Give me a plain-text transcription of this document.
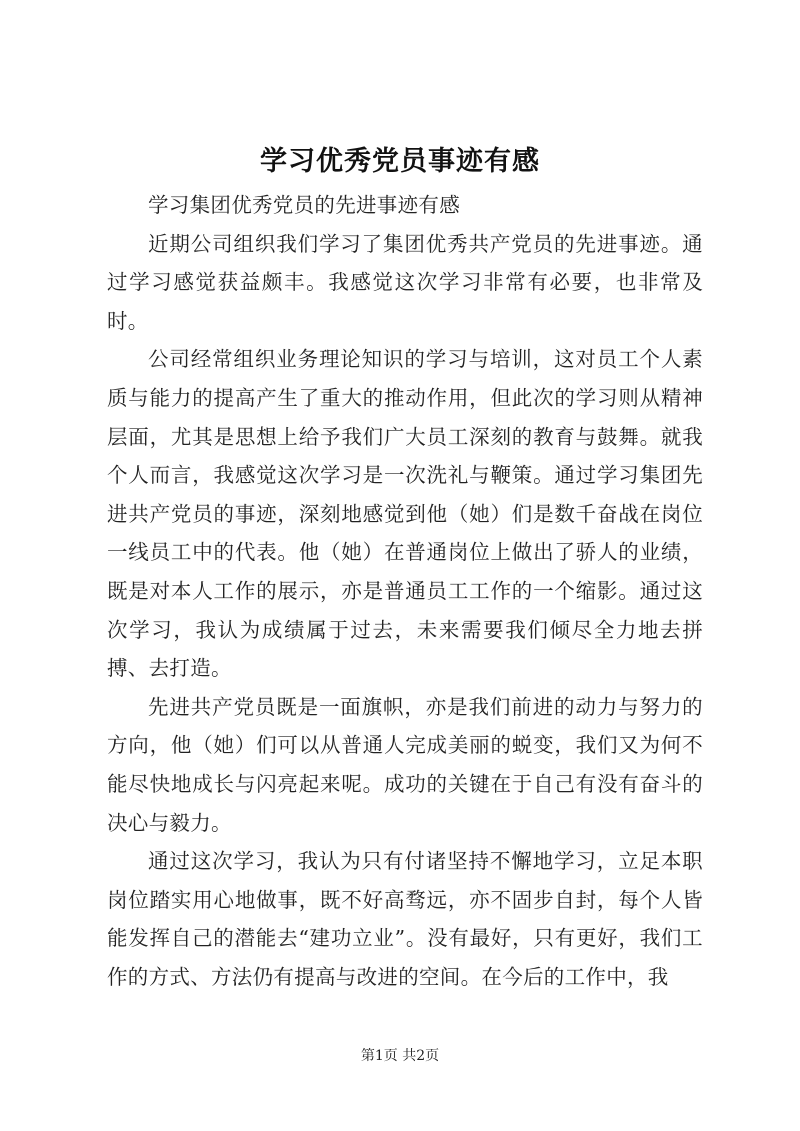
学习优秀党员事迹有感

学习集团优秀党员的先进事迹有感

近期公司组织我们学习了集团优秀共产党员的先进事迹。通过学习感觉获益颇丰。我感觉这次学习非常有必要，也非常及时。

公司经常组织业务理论知识的学习与培训，这对员工个人素质与能力的提高产生了重大的推动作用，但此次的学习则从精神层面，尤其是思想上给予我们广大员工深刻的教育与鼓舞。就我个人而言，我感觉这次学习是一次洗礼与鞭策。通过学习集团先进共产党员的事迹，深刻地感觉到他（她）们是数千奋战在岗位一线员工中的代表。他（她）在普通岗位上做出了骄人的业绩，既是对本人工作的展示，亦是普通员工工作的一个缩影。通过这次学习，我认为成绩属于过去，未来需要我们倾尽全力地去拼搏、去打造。

先进共产党员既是一面旗帜，亦是我们前进的动力与努力的方向，他（她）们可以从普通人完成美丽的蜕变，我们又为何不能尽快地成长与闪亮起来呢。成功的关键在于自己有没有奋斗的决心与毅力。

通过这次学习，我认为只有付诸坚持不懈地学习，立足本职岗位踏实用心地做事，既不好高骛远，亦不固步自封，每个人皆能发挥自己的潜能去“建功立业”。没有最好，只有更好，我们工作的方式、方法仍有提高与改进的空间。在今后的工作中，我

第1页 共2页
